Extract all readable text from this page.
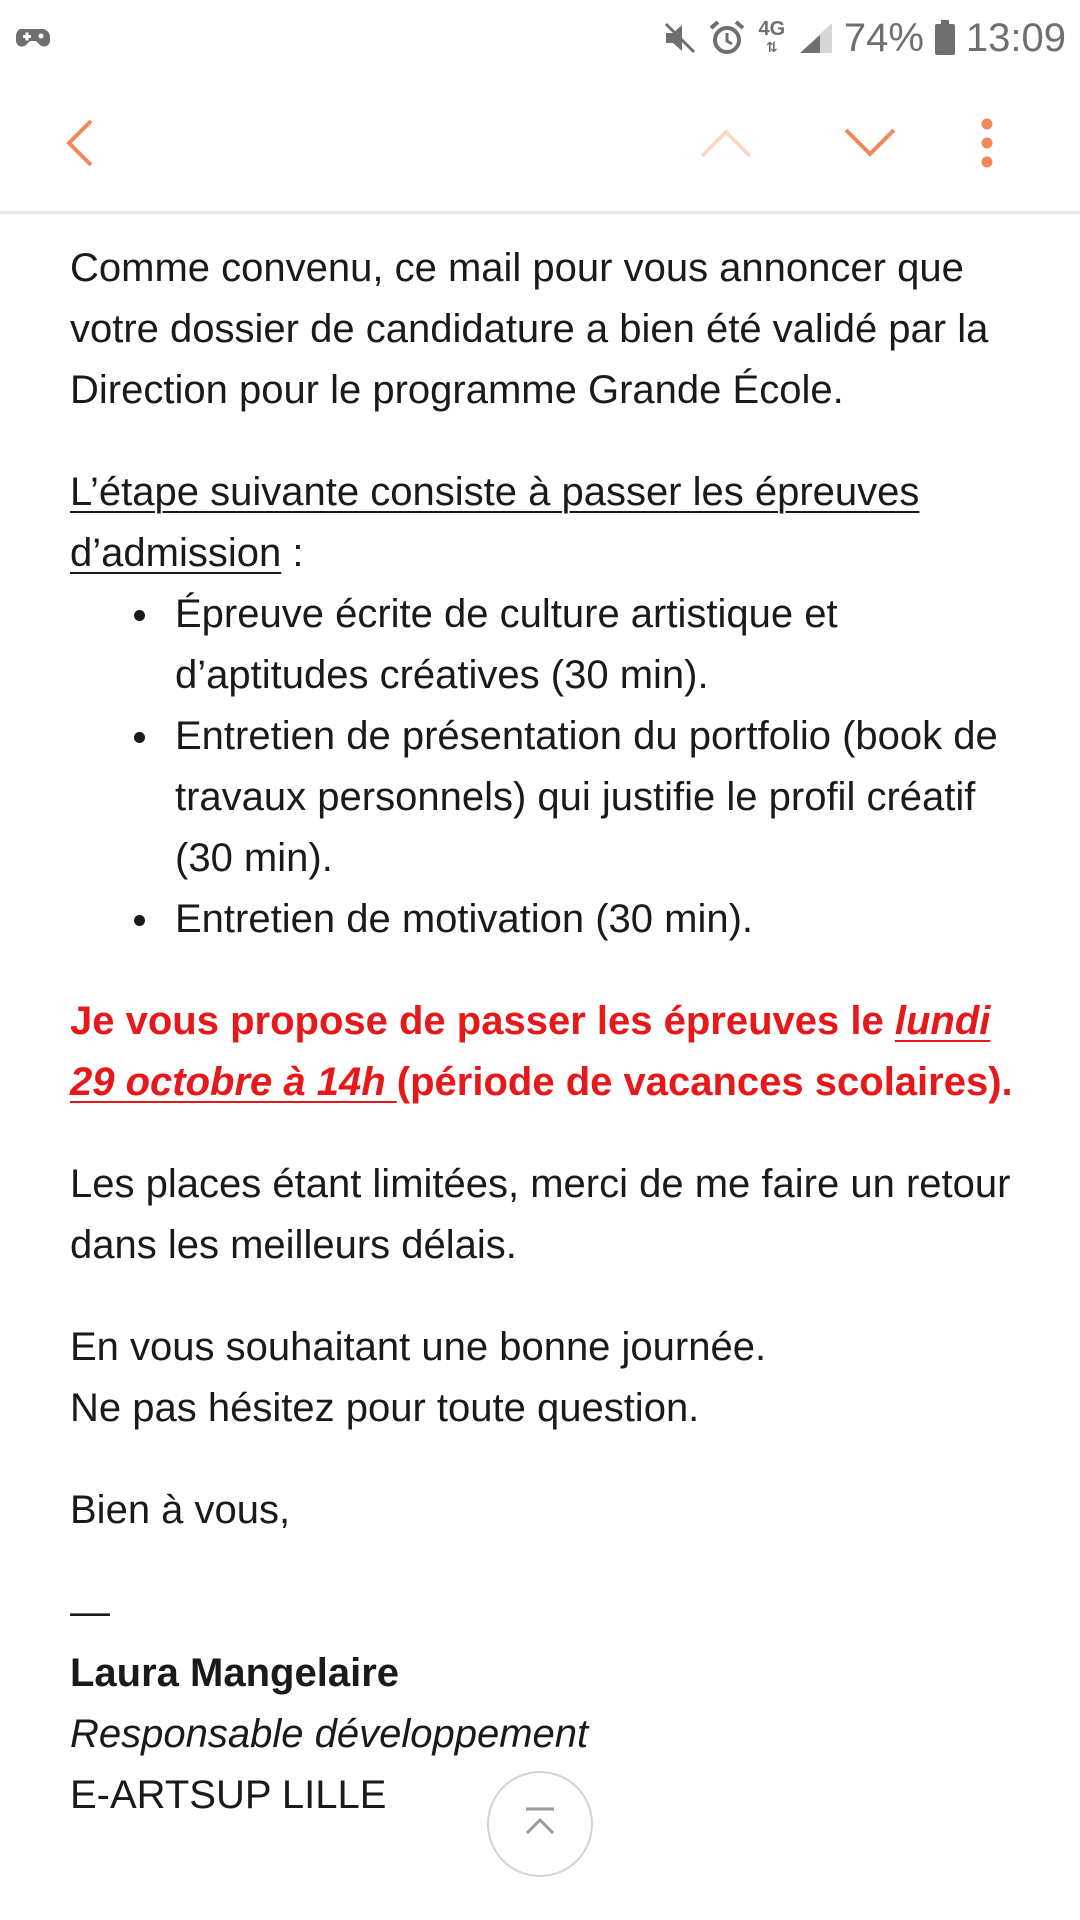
4G
⇅ 74% 13:09

Comme convenu, ce mail pour vous annoncer que votre dossier de candidature a bien été validé par la Direction pour le programme Grande École.

L’étape suivante consiste à passer les épreuves d’admission :

Épreuve écrite de culture artistique et d’aptitudes créatives (30 min).
Entretien de présentation du portfolio (book de travaux personnels) qui justifie le profil créatif (30 min).
Entretien de motivation (30 min).

Je vous propose de passer les épreuves le lundi 29 octobre à 14h (période de vacances scolaires).

Les places étant limitées, merci de me faire un retour dans les meilleurs délais.

En vous souhaitant une bonne journée.

Ne pas hésitez pour toute question.

Bien à vous,

—

Laura Mangelaire

Responsable développement

E-ARTSUP LILLE
